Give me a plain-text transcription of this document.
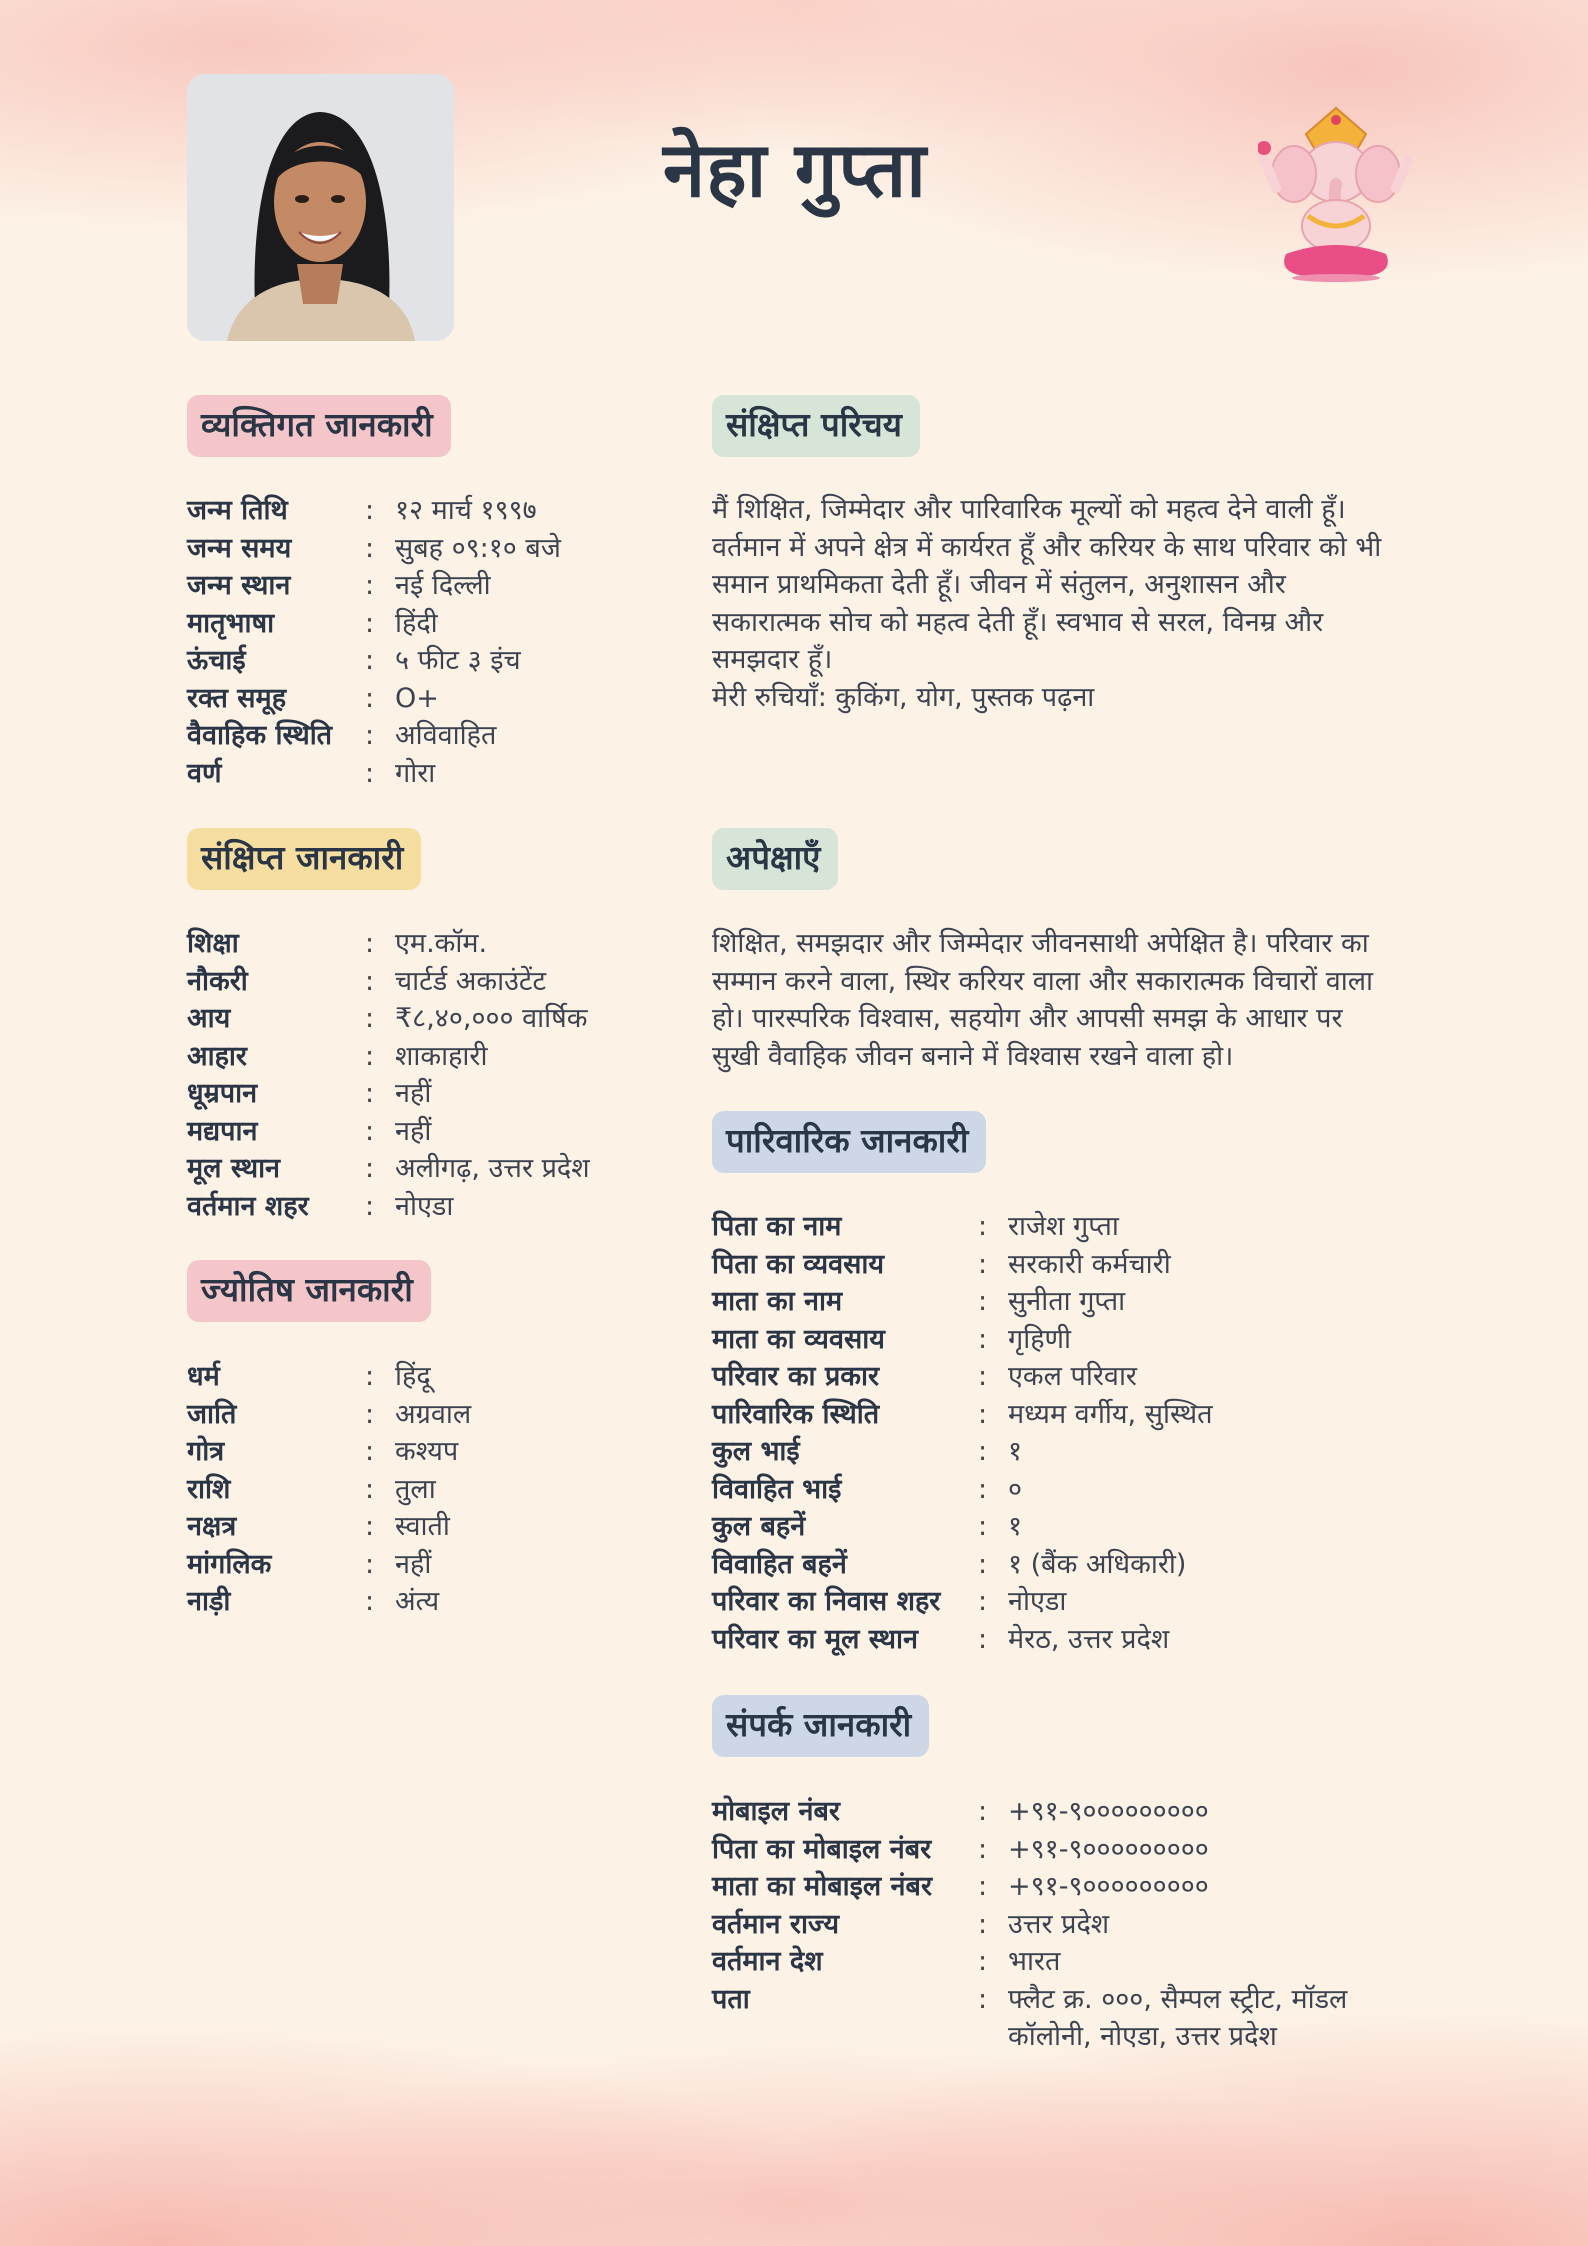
नेहा गुप्ता
व्यक्तिगत जानकारी
जन्म तिथि	: १२ मार्च १९९७
जन्म समय	: सुबह ०९:१० बजे
जन्म स्थान	: नई दिल्ली
मातृभाषा	: हिंदी
ऊंचाई	: ५ फीट ३ इंच
रक्त समूह	: O+
वैवाहिक स्थिति	: अविवाहित
वर्ण	: गोरा
संक्षिप्त जानकारी
शिक्षा	: एम.कॉम.
नौकरी	: चार्टर्ड अकाउंटेंट
आय	: ₹८,४०,००० वार्षिक
आहार	: शाकाहारी
धूम्रपान	: नहीं
मद्यपान	: नहीं
मूल स्थान	: अलीगढ़, उत्तर प्रदेश
वर्तमान शहर	: नोएडा
ज्योतिष जानकारी
धर्म	: हिंदू
जाति	: अग्रवाल
गोत्र	: कश्यप
राशि	: तुला
नक्षत्र	: स्वाती
मांगलिक	: नहीं
नाड़ी	: अंत्य
संक्षिप्त परिचय

मैं शिक्षित, जिम्मेदार और पारिवारिक मूल्यों को महत्व देने वाली हूँ।

वर्तमान में अपने क्षेत्र में कार्यरत हूँ और करियर के साथ परिवार को भी

समान प्राथमिकता देती हूँ। जीवन में संतुलन, अनुशासन और

सकारात्मक सोच को महत्व देती हूँ। स्वभाव से सरल, विनम्र और

समझदार हूँ।

मेरी रुचियाँ: कुकिंग, योग, पुस्तक पढ़ना

अपेक्षाएँ

शिक्षित, समझदार और जिम्मेदार जीवनसाथी अपेक्षित है। परिवार का

सम्मान करने वाला, स्थिर करियर वाला और सकारात्मक विचारों वाला

हो। पारस्परिक विश्वास, सहयोग और आपसी समझ के आधार पर

सुखी वैवाहिक जीवन बनाने में विश्वास रखने वाला हो।

पारिवारिक जानकारी
पिता का नाम	: राजेश गुप्ता
पिता का व्यवसाय	: सरकारी कर्मचारी
माता का नाम	: सुनीता गुप्ता
माता का व्यवसाय	: गृहिणी
परिवार का प्रकार	: एकल परिवार
पारिवारिक स्थिति	: मध्यम वर्गीय, सुस्थित
कुल भाई	: १
विवाहित भाई	: ०
कुल बहनें	: १
विवाहित बहनें	: १ (बैंक अधिकारी)
परिवार का निवास शहर	: नोएडा
परिवार का मूल स्थान	: मेरठ, उत्तर प्रदेश
संपर्क जानकारी
मोबाइल नंबर	: +९१-९०००००००००
पिता का मोबाइल नंबर	: +९१-९०००००००००
माता का मोबाइल नंबर	: +९१-९०००००००००
वर्तमान राज्य	: उत्तर प्रदेश
वर्तमान देश	: भारत
पता	: फ्लैट क्र. ०००, सैम्पल स्ट्रीट, मॉडल कॉलोनी, नोएडा, उत्तर प्रदेश
